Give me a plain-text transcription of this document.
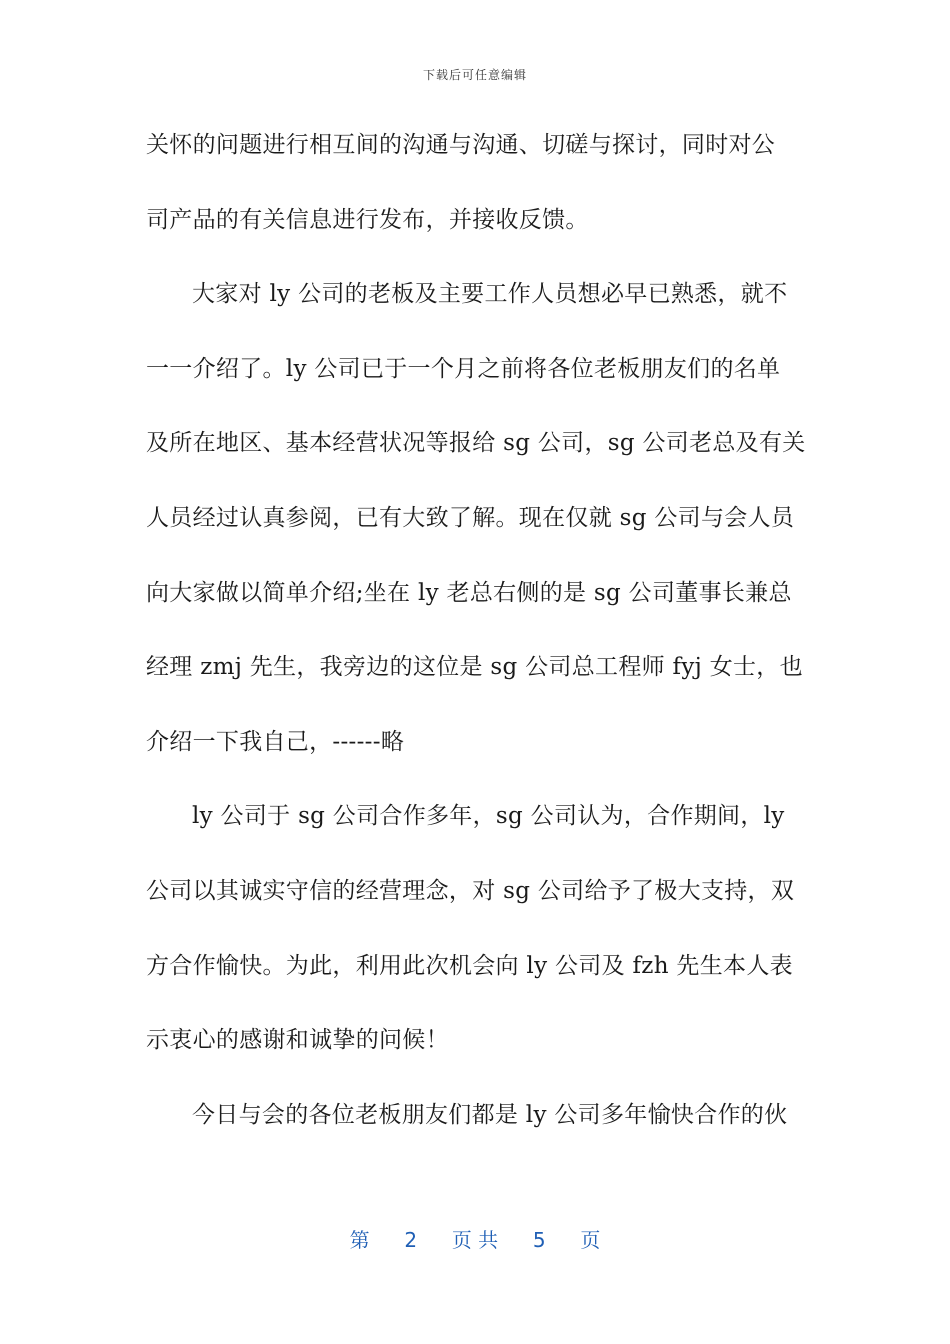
下载后可任意编辑
关怀的问题进行相互间的沟通与沟通、切磋与探讨，同时对公
司产品的有关信息进行发布，并接收反馈。
大家对 ly 公司的老板及主要工作人员想必早已熟悉，就不
一一介绍了。ly 公司已于一个月之前将各位老板朋友们的名单
及所在地区、基本经营状况等报给 sg 公司，sg 公司老总及有关
人员经过认真参阅，已有大致了解。现在仅就 sg 公司与会人员
向大家做以简单介绍;坐在 ly 老总右侧的是 sg 公司董事长兼总
经理 zmj 先生，我旁边的这位是 sg 公司总工程师 fyj 女士，也
介绍一下我自己，------略
ly 公司于 sg 公司合作多年，sg 公司认为，合作期间，ly
公司以其诚实守信的经营理念，对 sg 公司给予了极大支持，双
方合作愉快。为此，利用此次机会向 ly 公司及 fzh 先生本人表
示衷心的感谢和诚挚的问候！
今日与会的各位老板朋友们都是 ly 公司多年愉快合作的伙
第 2 页 共 5 页
